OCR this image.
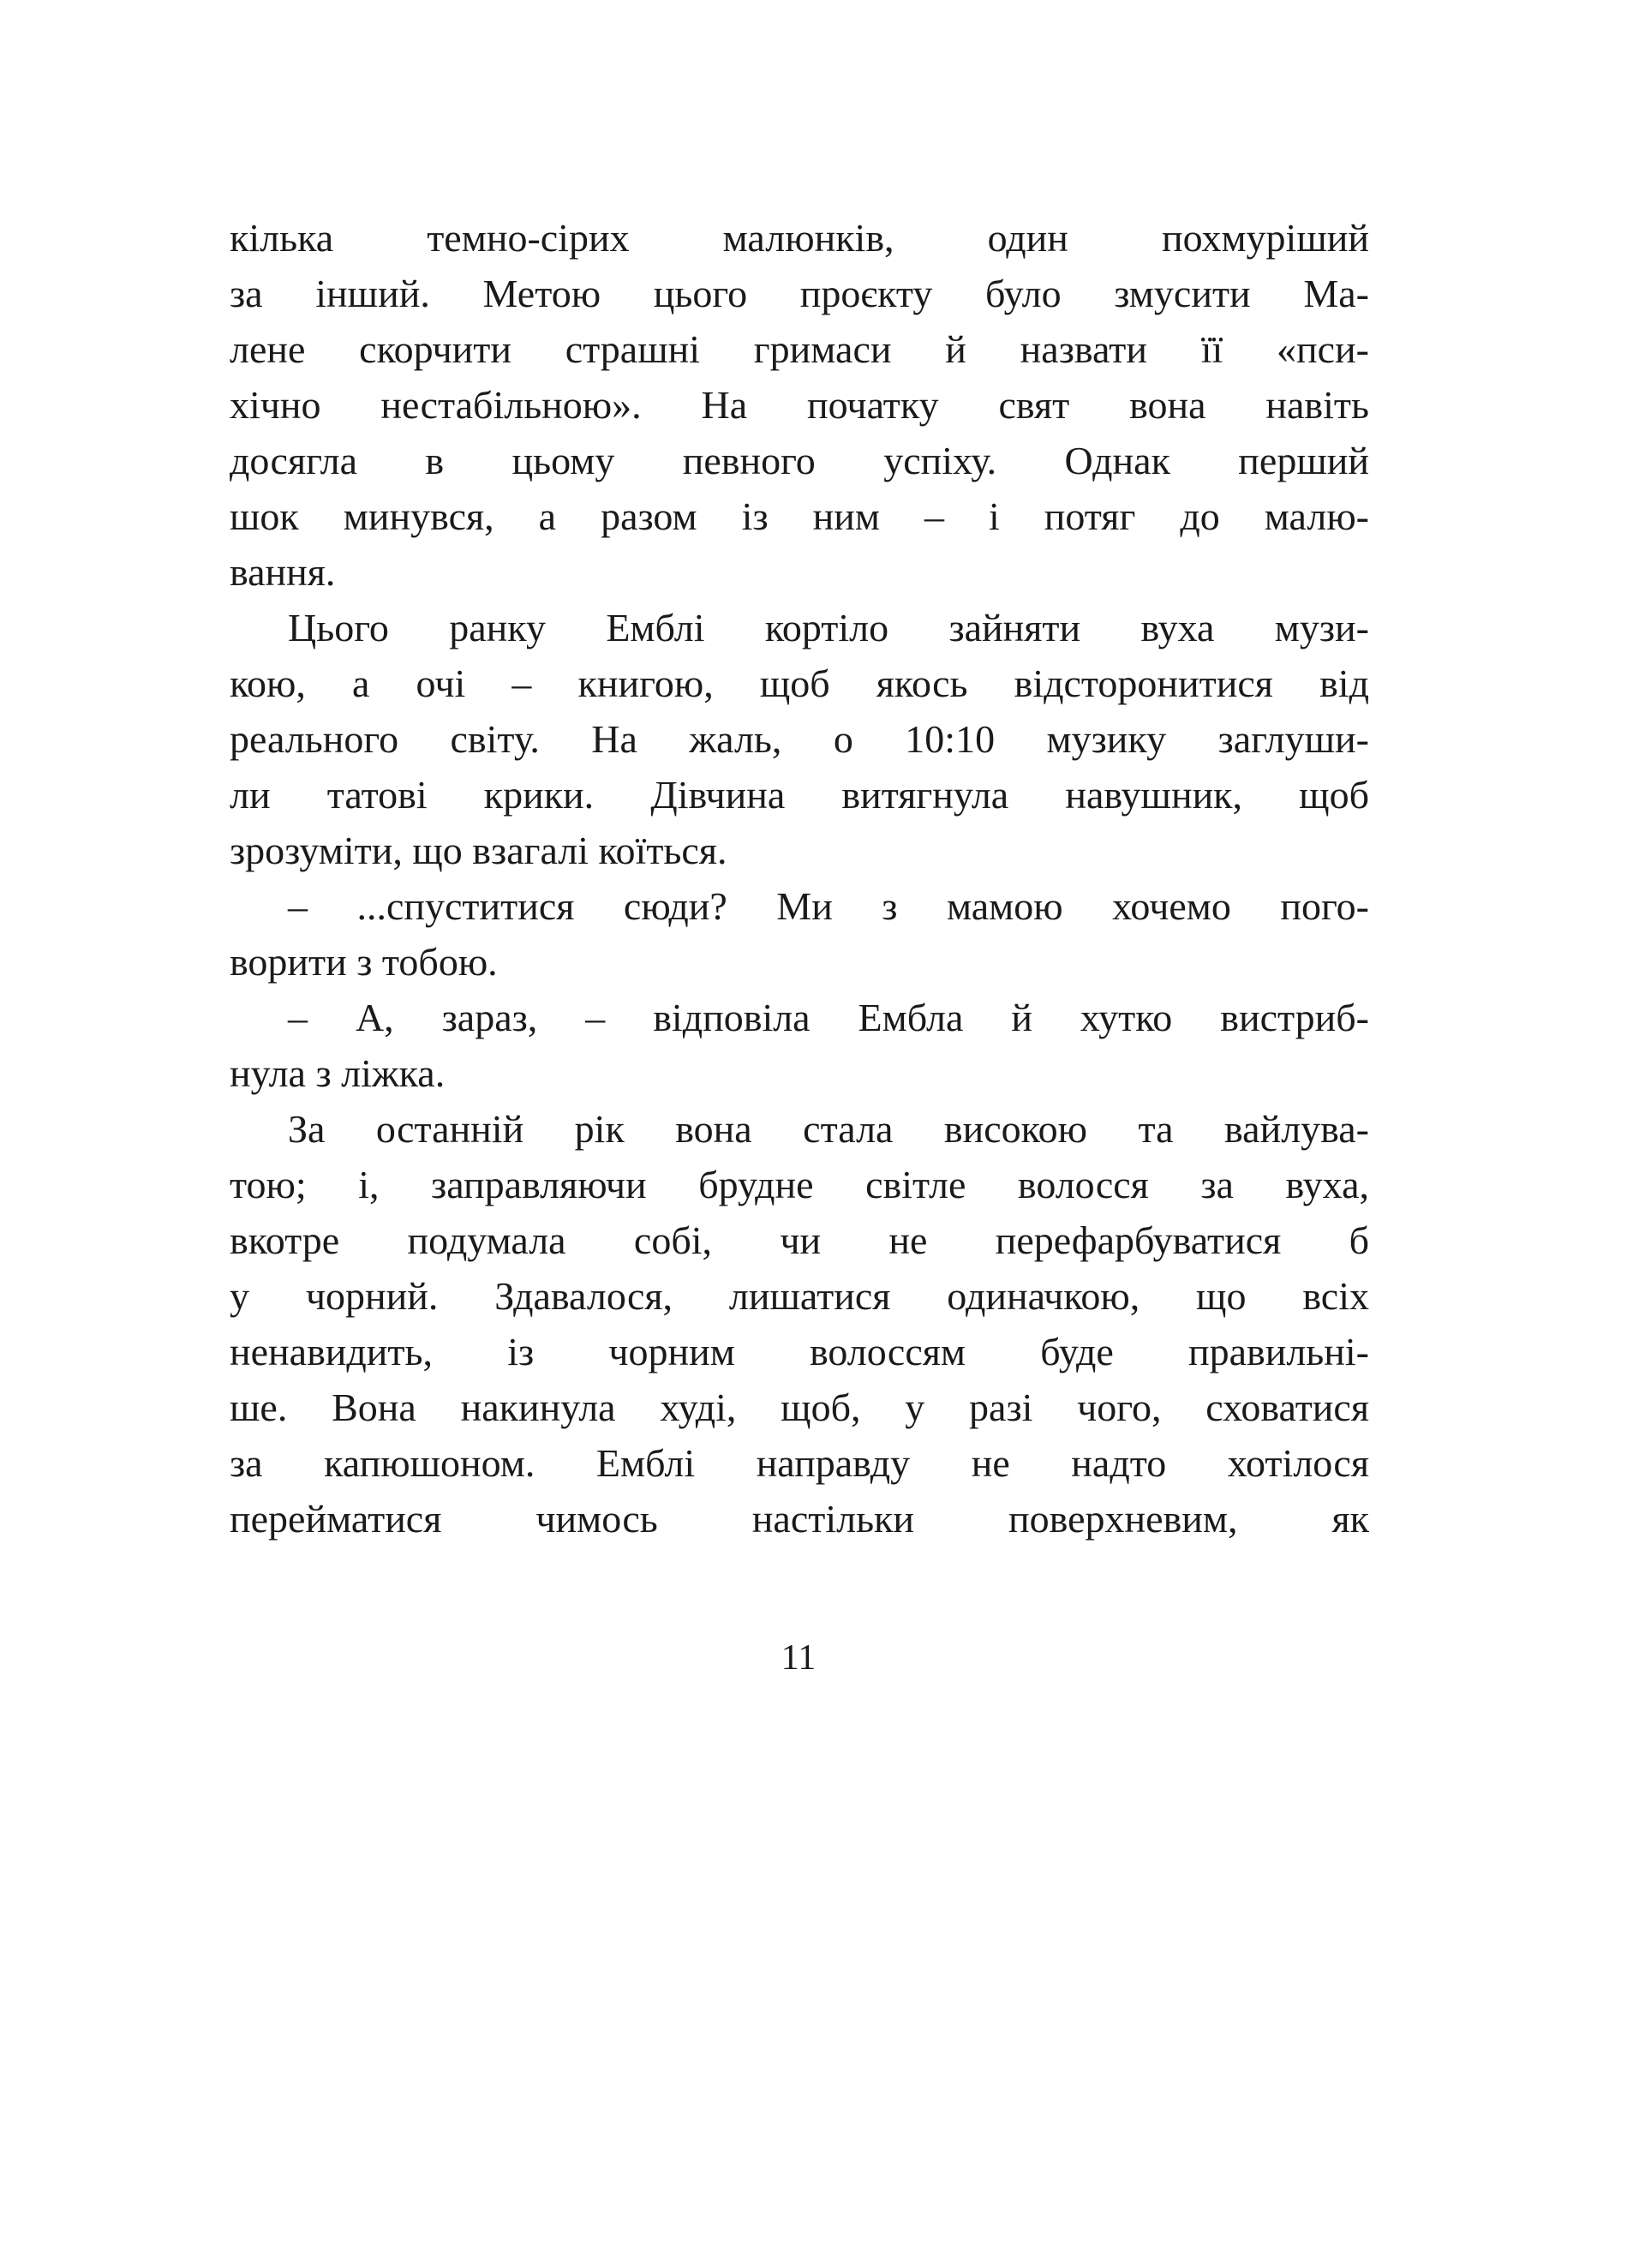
кілька темно-сірих малюнків, один похмуріший
за інший. Метою цього проєкту було змусити Ма-
лене скорчити страшні гримаси й назвати її «пси-
хічно нестабільною». На початку свят вона навіть
досягла в цьому певного успіху. Однак перший
шок минувся, а разом із ним – і потяг до малю-
вання.
Цього ранку Емблі кортіло зайняти вуха музи-
кою, а очі – книгою, щоб якось відсторонитися від
реального світу. На жаль, о 10:10 музику заглуши-
ли татові крики. Дівчина витягнула навушник, щоб
зрозуміти, що взагалі коїться.
– ...спуститися сюди? Ми з мамою хочемо пого-
ворити з тобою.
– А, зараз, – відповіла Ембла й хутко вистриб-
нула з ліжка.
За останній рік вона стала високою та вайлува-
тою; і, заправляючи брудне світле волосся за вуха,
вкотре подумала собі, чи не перефарбуватися б
у чорний. Здавалося, лишатися одиначкою, що всіх
ненавидить, із чорним волоссям буде правильні-
ше. Вона накинула худі, щоб, у разі чого, сховатися
за капюшоном. Емблі направду не надто хотілося
перейматися чимось настільки поверхневим, як
11
